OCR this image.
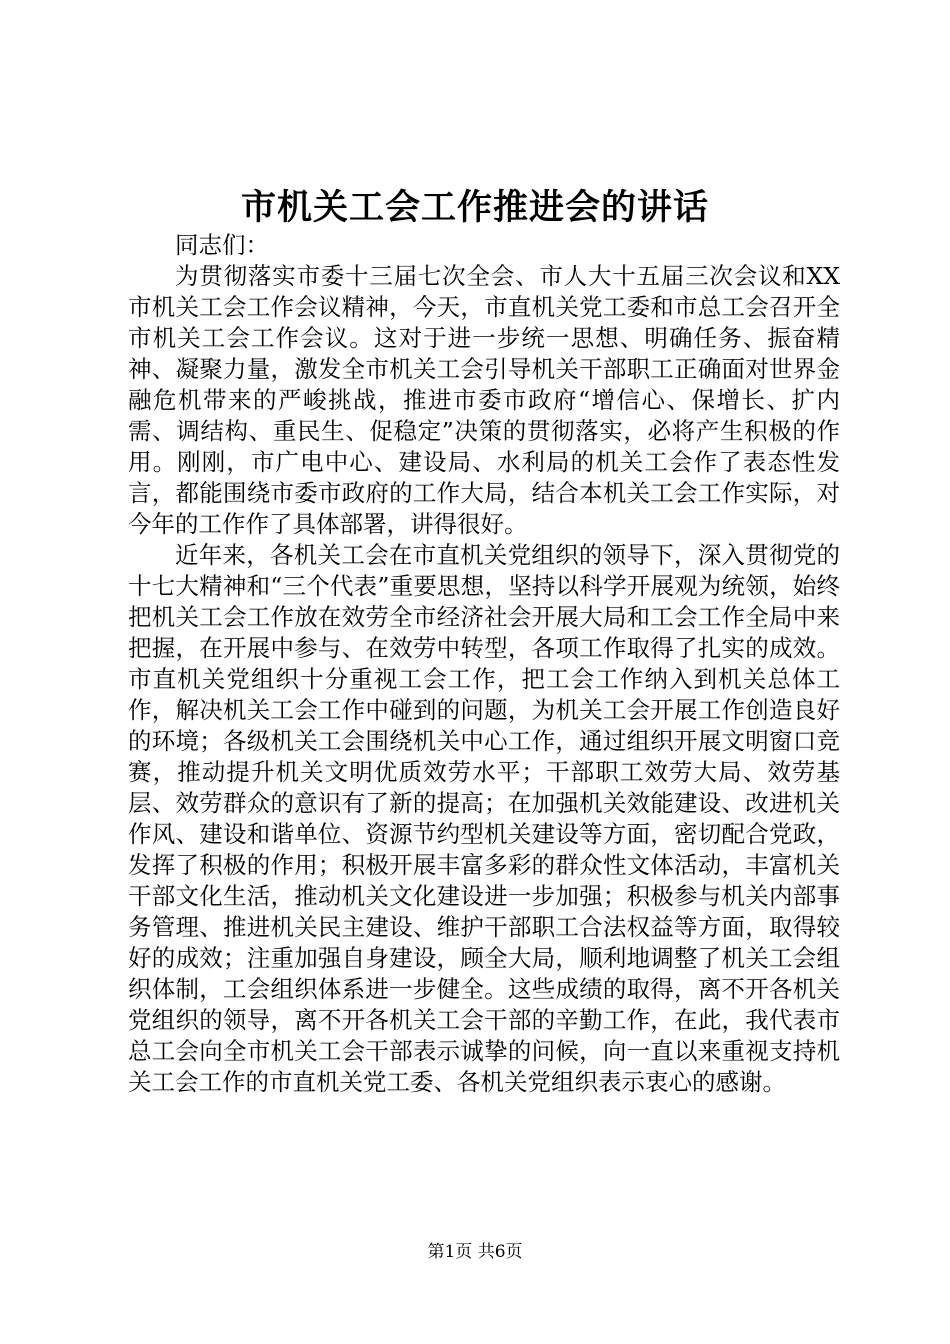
市机关工会工作推进会的讲话

同志们：

为贯彻落实市委十三届七次全会、市人大十五届三次会议和XX市机关工会工作会议精神，今天，市直机关党工委和市总工会召开全市机关工会工作会议。这对于进一步统一思想、明确任务、振奋精神、凝聚力量，激发全市机关工会引导机关干部职工正确面对世界金融危机带来的严峻挑战，推进市委市政府“增信心、保增长、扩内需、调结构、重民生、促稳定”决策的贯彻落实，必将产生积极的作用。刚刚，市广电中心、建设局、水利局的机关工会作了表态性发言，都能围绕市委市政府的工作大局，结合本机关工会工作实际，对今年的工作作了具体部署，讲得很好。

近年来，各机关工会在市直机关党组织的领导下，深入贯彻党的十七大精神和“三个代表”重要思想，坚持以科学开展观为统领，始终把机关工会工作放在效劳全市经济社会开展大局和工会工作全局中来把握，在开展中参与、在效劳中转型，各项工作取得了扎实的成效。市直机关党组织十分重视工会工作，把工会工作纳入到机关总体工作，解决机关工会工作中碰到的问题，为机关工会开展工作创造良好的环境；各级机关工会围绕机关中心工作，通过组织开展文明窗口竞赛，推动提升机关文明优质效劳水平；干部职工效劳大局、效劳基层、效劳群众的意识有了新的提高；在加强机关效能建设、改进机关作风、建设和谐单位、资源节约型机关建设等方面，密切配合党政，发挥了积极的作用；积极开展丰富多彩的群众性文体活动，丰富机关干部文化生活，推动机关文化建设进一步加强；积极参与机关内部事务管理、推进机关民主建设、维护干部职工合法权益等方面，取得较好的成效；注重加强自身建设，顾全大局，顺利地调整了机关工会组织体制，工会组织体系进一步健全。这些成绩的取得，离不开各机关党组织的领导，离不开各机关工会干部的辛勤工作，在此，我代表市总工会向全市机关工会干部表示诚挚的问候，向一直以来重视支持机关工会工作的市直机关党工委、各机关党组织表示衷心的感谢。

第1页 共6页
